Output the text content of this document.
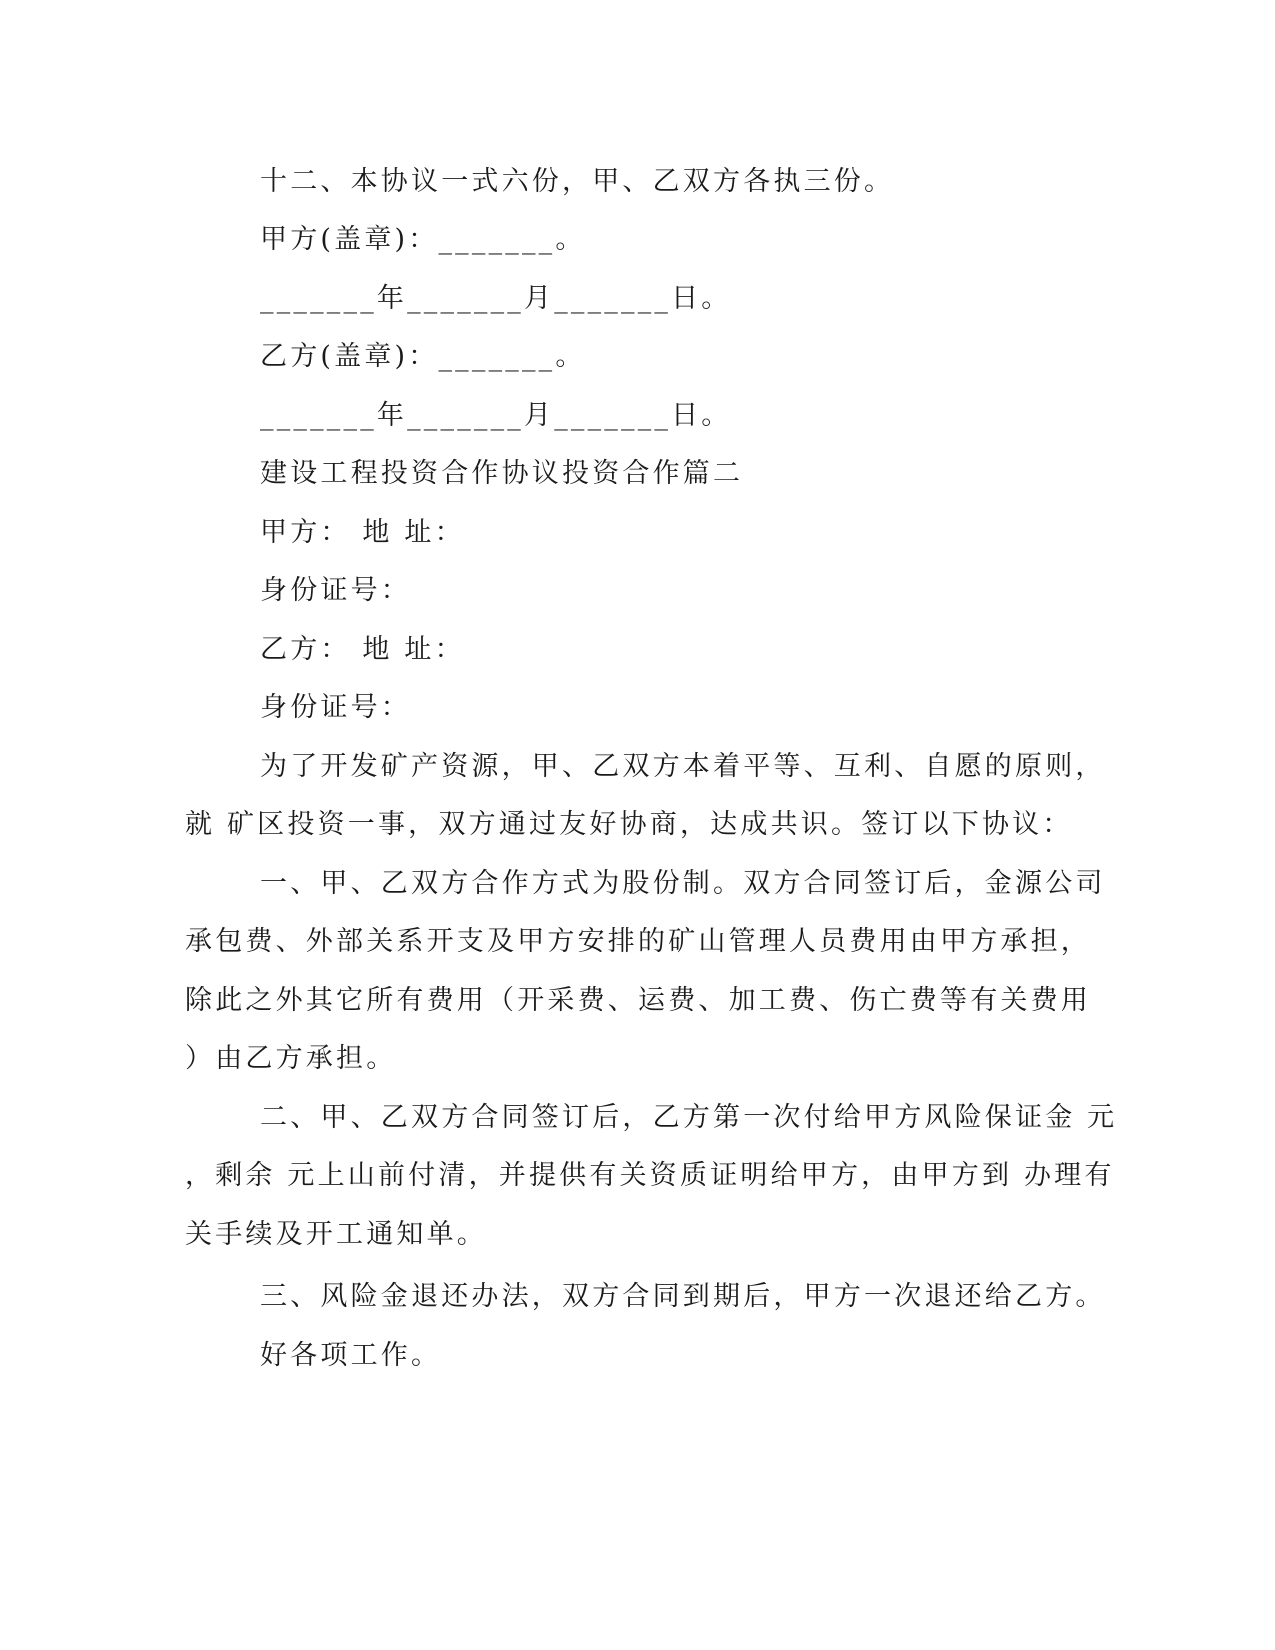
十二、本协议一式六份，甲、乙双方各执三份。
甲方(盖章)：_______。
_______年_______月_______日。
乙方(盖章)：_______。
_______年_______月_______日。
建设工程投资合作协议投资合作篇二
甲方： 地 址：
身份证号：
乙方： 地 址：
身份证号：
为了开发矿产资源，甲、乙双方本着平等、互利、自愿的原则，
就 矿区投资一事，双方通过友好协商，达成共识。签订以下协议：
一、甲、乙双方合作方式为股份制。双方合同签订后，金源公司
承包费、外部关系开支及甲方安排的矿山管理人员费用由甲方承担，
除此之外其它所有费用（开采费、运费、加工费、伤亡费等有关费用
）由乙方承担。
二、甲、乙双方合同签订后，乙方第一次付给甲方风险保证金 元
，剩余 元上山前付清，并提供有关资质证明给甲方，由甲方到 办理有
关手续及开工通知单。
三、风险金退还办法，双方合同到期后，甲方一次退还给乙方。
好各项工作。
